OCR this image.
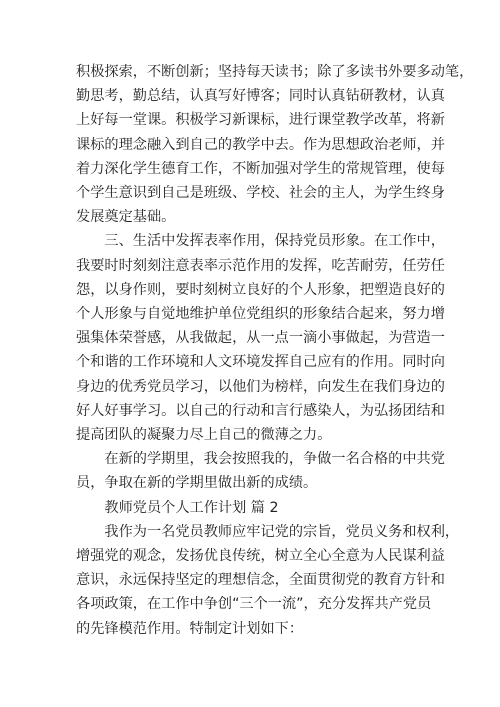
积极探索，不断创新；坚持每天读书；除了多读书外要多动笔，

勤思考，勤总结，认真写好博客；同时认真钻研教材，认真

上好每一堂课。积极学习新课标，进行课堂教学改革，将新

课标的理念融入到自己的教学中去。作为思想政治老师，并

着力深化学生德育工作，不断加强对学生的常规管理，使每

个学生意识到自己是班级、学校、社会的主人，为学生终身

发展奠定基础。

　　三、生活中发挥表率作用，保持党员形象。在工作中，

我要时时刻刻注意表率示范作用的发挥，吃苦耐劳，任劳任

怨，以身作则，要时刻树立良好的个人形象，把塑造良好的

个人形象与自觉地维护单位党组织的形象结合起来，努力增

强集体荣誉感，从我做起，从一点一滴小事做起，为营造一

个和谐的工作环境和人文环境发挥自己应有的作用。同时向

身边的优秀党员学习，以他们为榜样，向发生在我们身边的

好人好事学习。以自己的行动和言行感染人，为弘扬团结和

提高团队的凝聚力尽上自己的微薄之力。

　　在新的学期里，我会按照我的，争做一名合格的中共党

员，争取在新的学期里做出新的成绩。

　　教师党员个人工作计划 篇 2

　　我作为一名党员教师应牢记党的宗旨，党员义务和权利，

增强党的观念，发扬优良传统，树立全心全意为人民谋利益

意识，永远保持坚定的理想信念，全面贯彻党的教育方针和

各项政策，在工作中争创“三个一流”，充分发挥共产党员

的先锋模范作用。特制定计划如下：
